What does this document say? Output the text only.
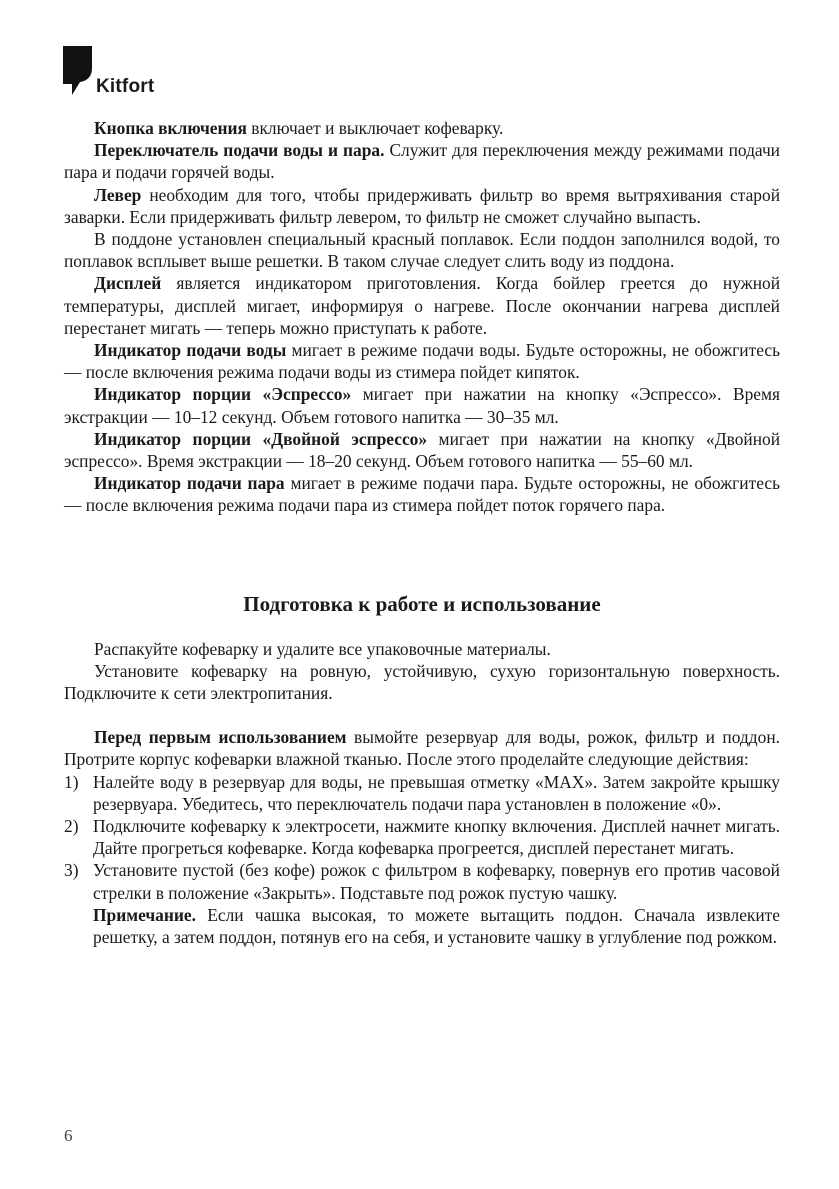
Kitfort

Кнопка включения включает и выключает кофеварку.

Переключатель подачи воды и пара. Служит для переключения между режимами подачи пара и подачи горячей воды.

Левер необходим для того, чтобы придерживать фильтр во время вытряхивания старой заварки. Если придерживать фильтр левером, то фильтр не сможет случайно выпасть.

В поддоне установлен специальный красный поплавок. Если поддон заполнился водой, то поплавок всплывет выше решетки. В таком случае следует слить воду из поддона.

Дисплей является индикатором приготовления. Когда бойлер греется до нужной температуры, дисплей мигает, информируя о нагреве. После окончании нагрева дисплей перестанет мигать — теперь можно приступать к работе.

Индикатор подачи воды мигает в режиме подачи воды. Будьте осторожны, не обожгитесь — после включения режима подачи воды из стимера пойдет кипяток.

Индикатор порции «Эспрессо» мигает при нажатии на кнопку «Эспрессо». Время экстракции — 10–12 секунд. Объем готового напитка — 30–35 мл.

Индикатор порции «Двойной эспрессо» мигает при нажатии на кнопку «Двойной эспрессо». Время экстракции — 18–20 секунд. Объем готового напитка — 55–60 мл.

Индикатор подачи пара мигает в режиме подачи пара. Будьте осторожны, не обожгитесь — после включения режима подачи пара из стимера пойдет поток горячего пара.

Подготовка к работе и использование

Распакуйте кофеварку и удалите все упаковочные материалы.

Установите кофеварку на ровную, устойчивую, сухую горизонтальную поверхность. Подключите к сети электропитания.

Перед первым использованием вымойте резервуар для воды, рожок, фильтр и поддон. Протрите корпус кофеварки влажной тканью. После этого проделайте следующие действия:

1) Налейте воду в резервуар для воды, не превышая отметку «MAX». Затем закройте крышку резервуара. Убедитесь, что переключатель подачи пара установлен в положение «0».
2) Подключите кофеварку к электросети, нажмите кнопку включения. Дисплей начнет мигать. Дайте прогреться кофеварке. Когда кофеварка прогреется, дисплей перестанет мигать.
3) Установите пустой (без кофе) рожок с фильтром в кофеварку, повернув его против часовой стрелки в положение «Закрыть». Подставьте под рожок пустую чашку.
Примечание. Если чашка высокая, то можете вытащить поддон. Сначала извлеките решетку, а затем поддон, потянув его на себя, и установите чашку в углубление под рожком.
6
